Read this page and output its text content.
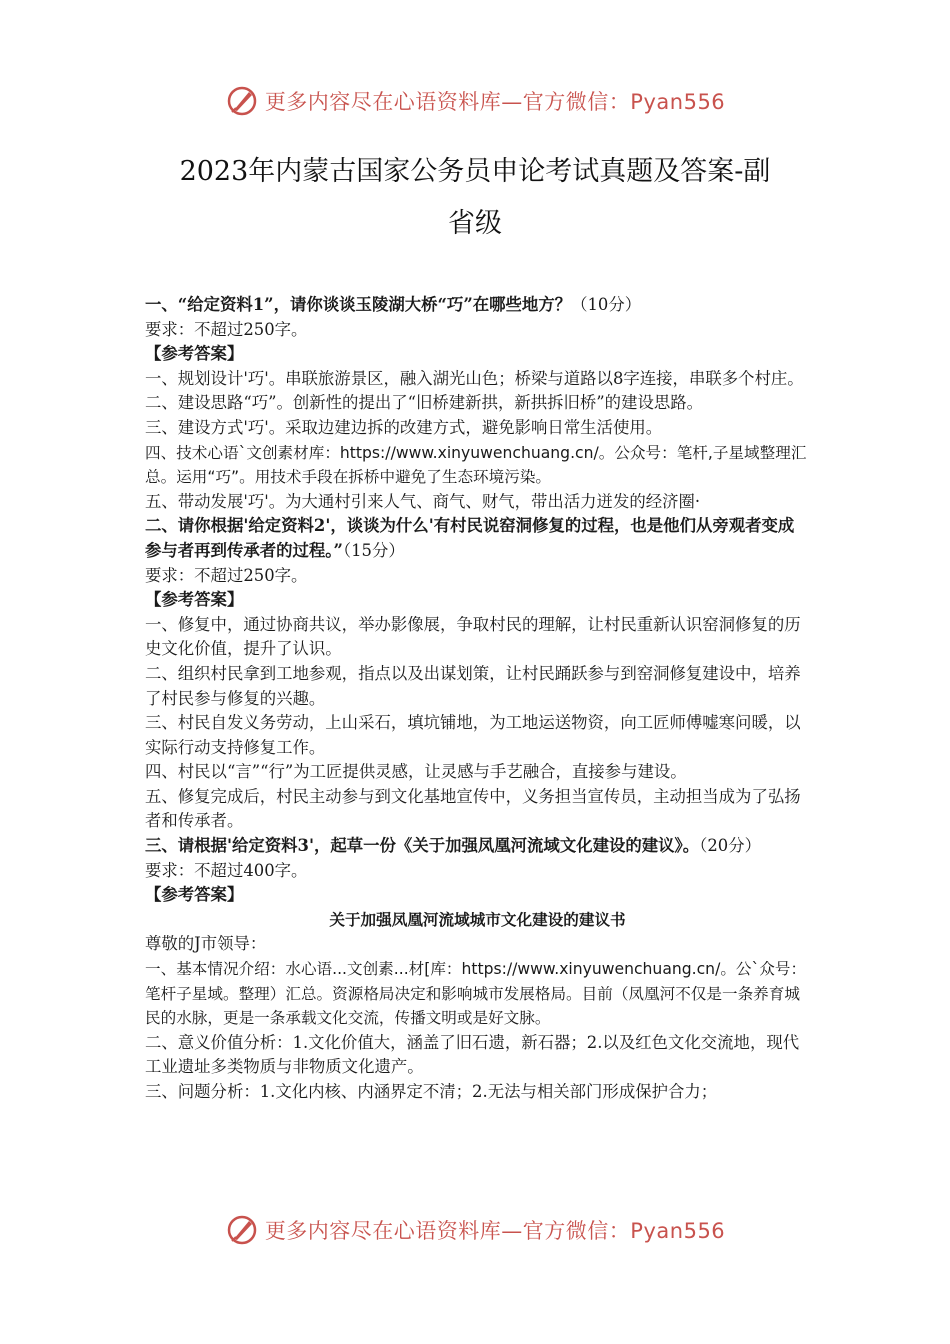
更多内容尽在心语资料库—官方微信：Pyan556
2023年内蒙古国家公务员申论考试真题及答案-副
省级

一、“给定资料1”，请你谈谈玉陵湖大桥“巧”在哪些地方？（10分）

要求：不超过250字。

【参考答案】

一、规划设计'巧'。串联旅游景区，融入湖光山色；桥梁与道路以8字连接，串联多个村庄。

二、建设思路“巧”。创新性的提出了“旧桥建新拱，新拱拆旧桥”的建设思路。

三、建设方式'巧'。采取边建边拆的改建方式，避免影响日常生活使用。

四、技术心语`文创素材库：https://www.xinyuwenchuang.cn/。公众号：笔杆,子星域整理汇总。运用“巧”。用技术手段在拆桥中避免了生态环境污染。

五、带动发展'巧'。为大通村引来人气、商气、财气，带出活力迸发的经济圈·

二、请你根据'给定资料2'，谈谈为什么'有村民说窑洞修复的过程，也是他们从旁观者变成参与者再到传承者的过程。”（15分）

要求：不超过250字。

【参考答案】

一、修复中，通过协商共议，举办影像展，争取村民的理解，让村民重新认识窑洞修复的历史文化价值，提升了认识。

二、组织村民拿到工地参观，指点以及出谋划策，让村民踊跃参与到窑洞修复建设中，培养了村民参与修复的兴趣。

三、村民自发义务劳动，上山采石，填坑铺地，为工地运送物资，向工匠师傅嘘寒问暖，以实际行动支持修复工作。

四、村民以“言”“行”为工匠提供灵感，让灵感与手艺融合，直接参与建设。

五、修复完成后，村民主动参与到文化基地宣传中，义务担当宣传员，主动担当成为了弘扬者和传承者。

三、请根据'给定资料3'，起草一份《关于加强凤凰河流域文化建设的建议》。（20分）

要求：不超过400字。

【参考答案】

关于加强凤凰河流域城市文化建设的建议书

尊敬的J市领导：

一、基本情况介绍：水心语...文创素...材[库：https://www.xinyuwenchuang.cn/。公`众号：笔杆子星域。整理）汇总。资源格局决定和影响城市发展格局。目前（凤凰河不仅是一条养育城民的水脉，更是一条承载文化交流，传播文明或是好文脉。

二、意义价值分析：1.文化价值大，涵盖了旧石遗，新石器；2.以及红色文化交流地，现代工业遗址多类物质与非物质文化遗产。

三、问题分析：1.文化内核、内涵界定不清；2.无法与相关部门形成保护合力；

更多内容尽在心语资料库—官方微信：Pyan556
